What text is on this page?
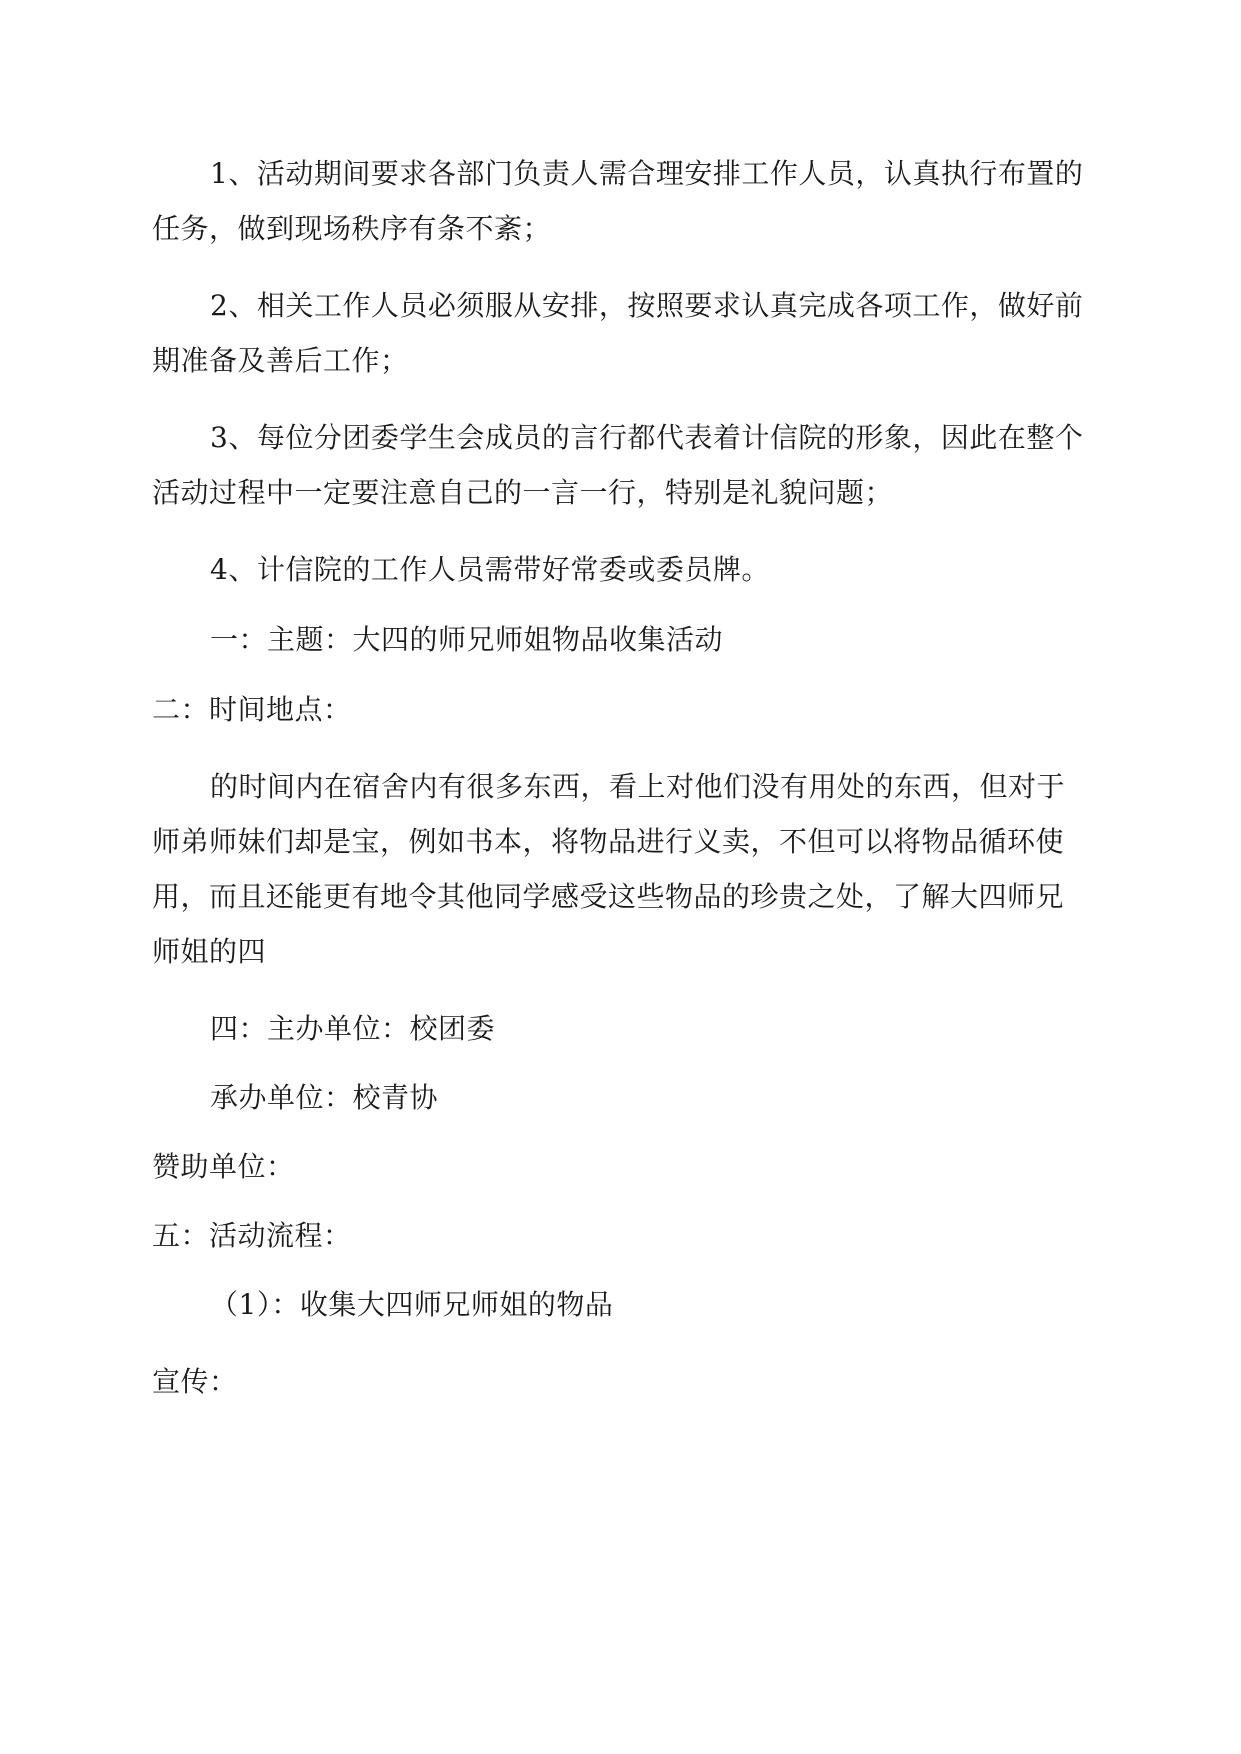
1、活动期间要求各部门负责人需合理安排工作人员，认真执行布置的任务，做到现场秩序有条不紊；

2、相关工作人员必须服从安排，按照要求认真完成各项工作，做好前期准备及善后工作；

3、每位分团委学生会成员的言行都代表着计信院的形象，因此在整个活动过程中一定要注意自己的一言一行，特别是礼貌问题；

4、计信院的工作人员需带好常委或委员牌。

一：主题：大四的师兄师姐物品收集活动

二：时间地点：

的时间内在宿舍内有很多东西，看上对他们没有用处的东西，但对于师弟师妹们却是宝，例如书本，将物品进行义卖，不但可以将物品循环使用，而且还能更有地令其他同学感受这些物品的珍贵之处，了解大四师兄师姐的四

四：主办单位：校团委

承办单位：校青协

赞助单位：

五：活动流程：

（1）：收集大四师兄师姐的物品

宣传：
